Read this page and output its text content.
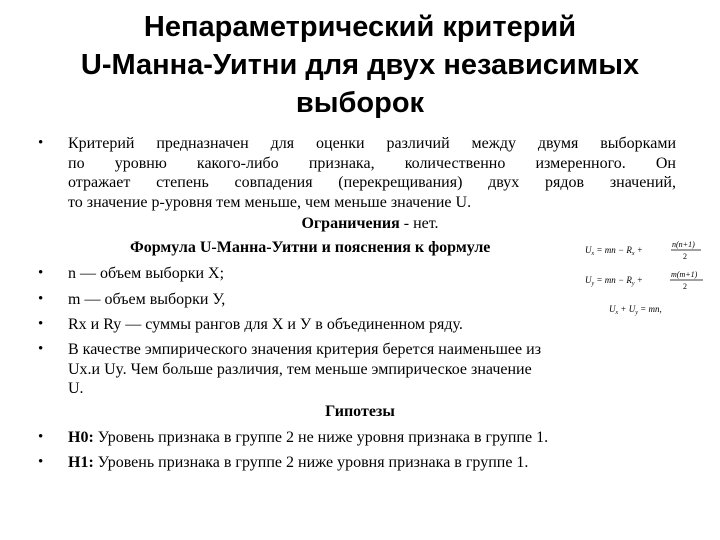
Непараметрический критерий
U-Манна-Уитни для двух независимых
выборок
• Критерий предназначен для оценки различий между двумя выборками
по уровню какого-либо признака, количественно измеренного. Он
отражает степень совпадения (перекрещивания) двух рядов значений,
то значение р-уровня тем меньше, чем меньше значение U.
Ограничения - нет.
Формула U-Манна-Уитни и пояснения к формуле	$U_x$ = mn − $R_x$ +
n(n+1)
2
$U_y$ = mn − $R_y$ +
m(m+1)
2
$U_x + U_y$ = mn,
• n — объем выборки Х;
• m — объем выборки У,
• Rx и Ry — суммы рангов для Х и У в объединенном ряду.
• В качестве эмпирического значения критерия берется наименьшее из
Ux.и Uy. Чем больше различия, тем меньше эмпирическое значение
U.
Гипотезы
• H0: Уровень признака в группе 2 не ниже уровня признака в группе 1.
• H1: Уровень признака в группе 2 ниже уровня признака в группе 1.
